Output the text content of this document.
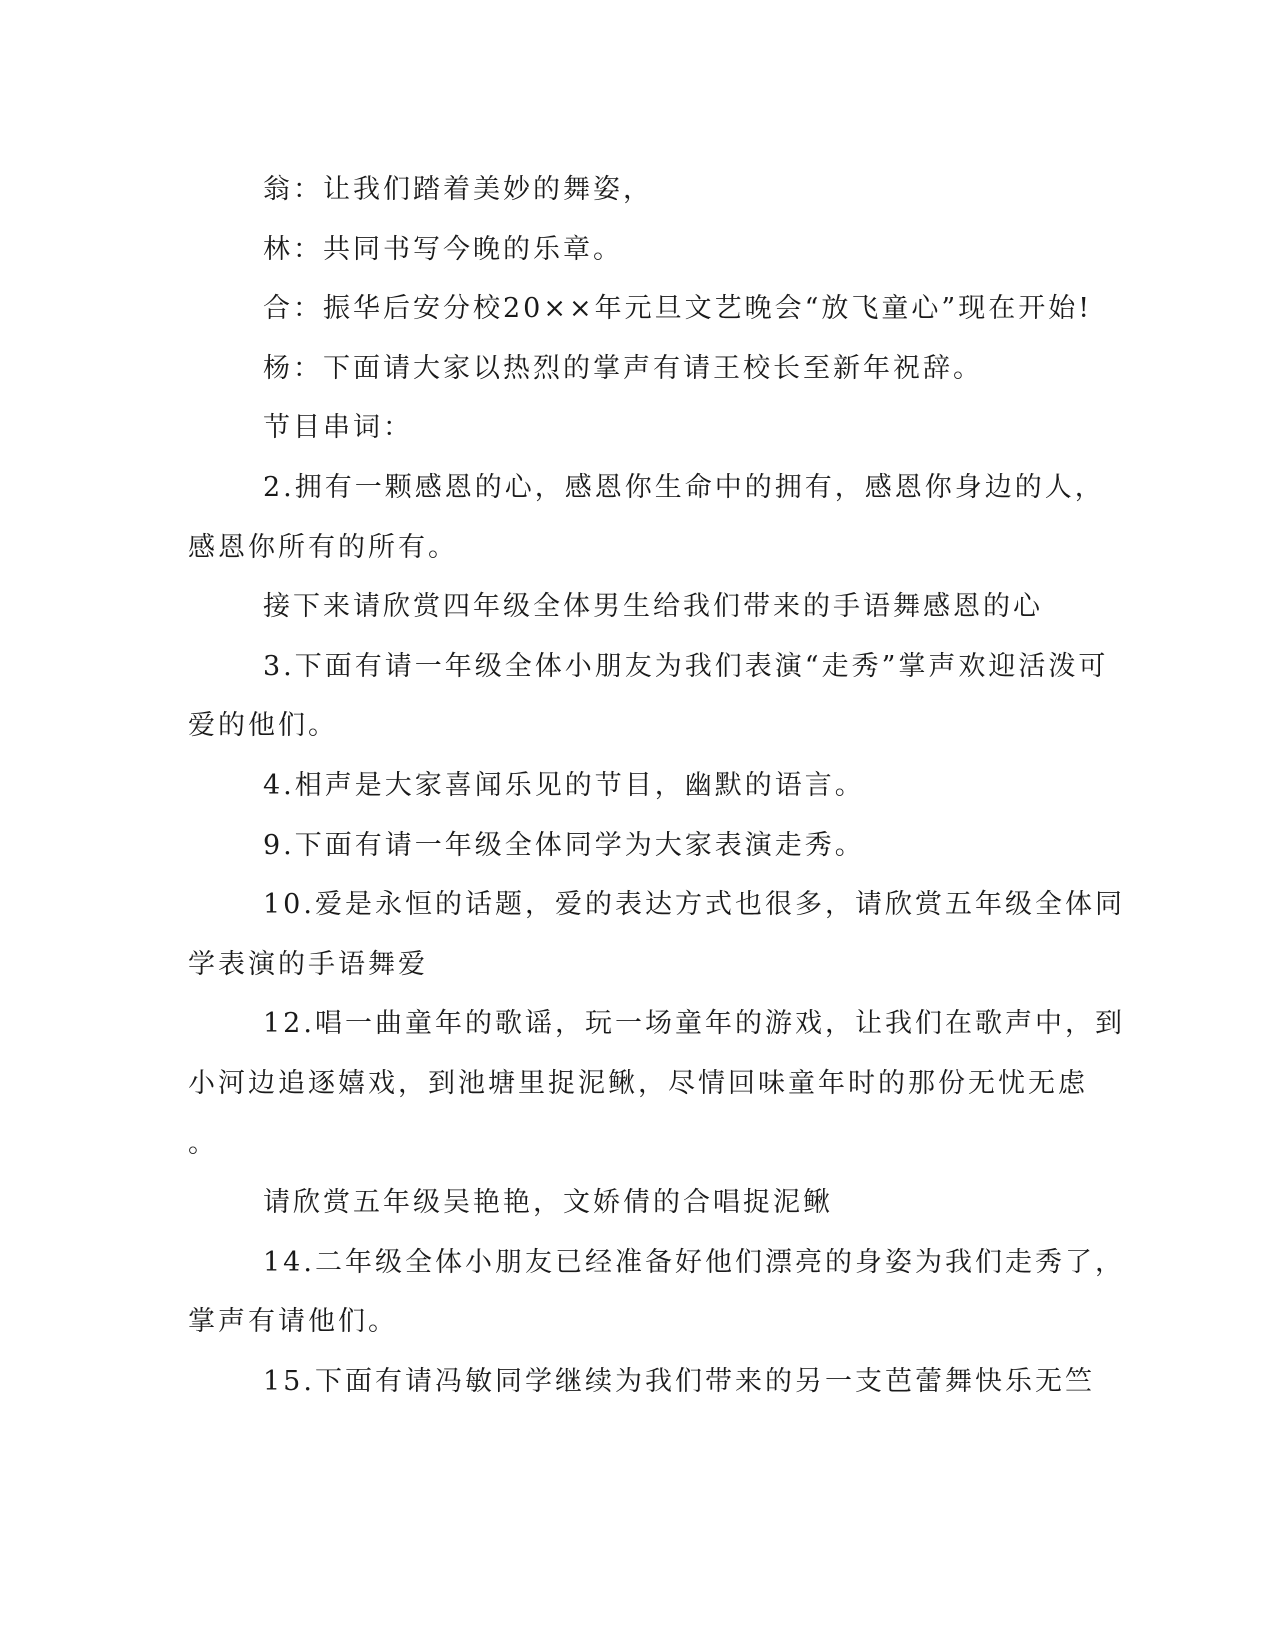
翁：让我们踏着美妙的舞姿，
林：共同书写今晚的乐章。
合：振华后安分校20××年元旦文艺晚会“放飞童心”现在开始!
杨：下面请大家以热烈的掌声有请王校长至新年祝辞。
节目串词：
2.拥有一颗感恩的心，感恩你生命中的拥有，感恩你身边的人，
感恩你所有的所有。
接下来请欣赏四年级全体男生给我们带来的手语舞感恩的心
3.下面有请一年级全体小朋友为我们表演“走秀”掌声欢迎活泼可
爱的他们。
4.相声是大家喜闻乐见的节目，幽默的语言。
9.下面有请一年级全体同学为大家表演走秀。
10.爱是永恒的话题，爱的表达方式也很多，请欣赏五年级全体同
学表演的手语舞爱
12.唱一曲童年的歌谣，玩一场童年的游戏，让我们在歌声中，到
小河边追逐嬉戏，到池塘里捉泥鳅，尽情回味童年时的那份无忧无虑
。
请欣赏五年级吴艳艳，文娇倩的合唱捉泥鳅
14.二年级全体小朋友已经准备好他们漂亮的身姿为我们走秀了，
掌声有请他们。
15.下面有请冯敏同学继续为我们带来的另一支芭蕾舞快乐无竺
